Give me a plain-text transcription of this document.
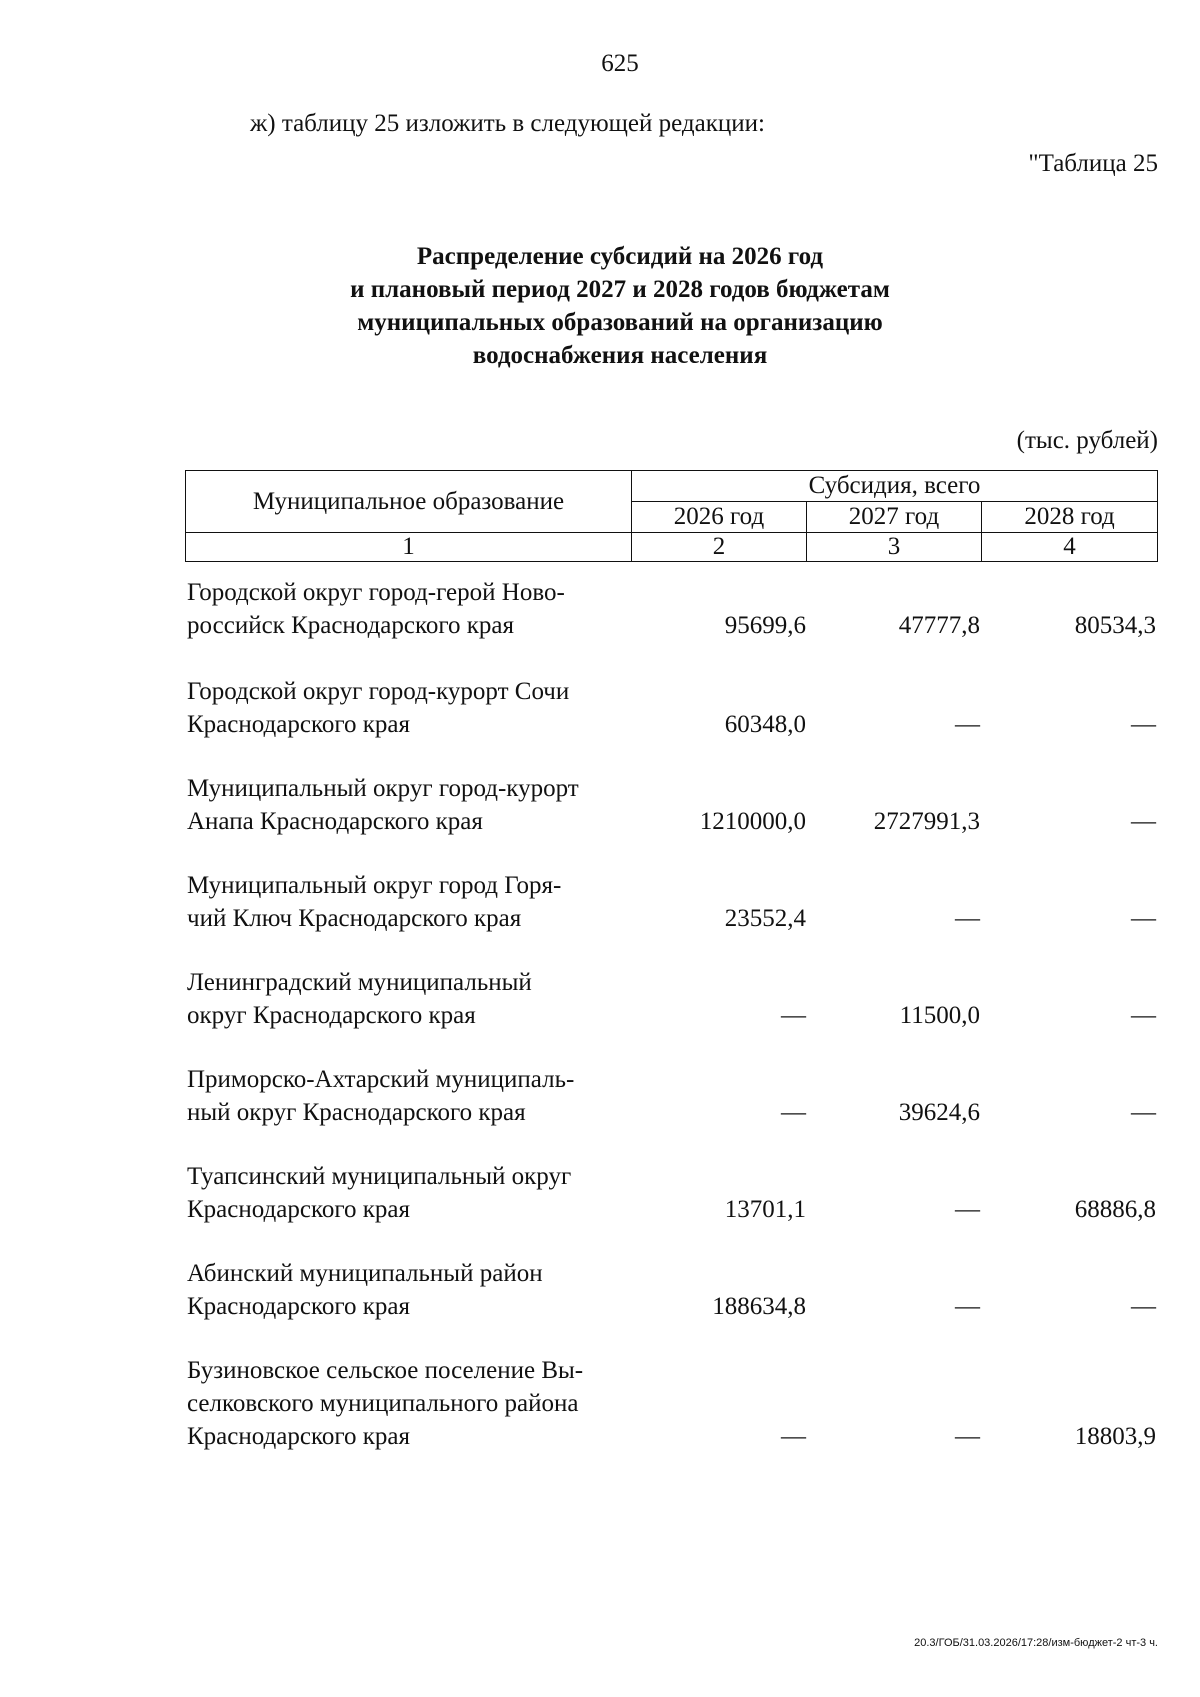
625
ж) таблицу 25 изложить в следующей редакции:
"Таблица 25
Распределение субсидий на 2026 год
и плановый период 2027 и 2028 годов бюджетам
муниципальных образований на организацию
водоснабжения населения
(тыс. рублей)
Муниципальное образование	Субсидия, всего		
	2026 год	2027 год	2028 год
1	2	3	4
Городской округ город-герой Ново-
российск Краснодарского края	95699,6	47777,8	80534,3
Городской округ город-курорт Сочи
Краснодарского края	60348,0	—	—
Муниципальный округ город-курорт
Анапа Краснодарского края	1210000,0	2727991,3	—
Муниципальный округ город Горя-
чий Ключ Краснодарского края	23552,4	—	—
Ленинградский муниципальный
округ Краснодарского края	—	11500,0	—
Приморско-Ахтарский муниципаль-
ный округ Краснодарского края	—	39624,6	—
Туапсинский муниципальный округ
Краснодарского края	13701,1	—	68886,8
Абинский муниципальный район
Краснодарского края	188634,8	—	—
Бузиновское сельское поселение Вы-
селковского муниципального района
Краснодарского края	—	—	18803,9
20.3/ГОБ/31.03.2026/17:28/изм-бюджет-2 чт-3 ч.
